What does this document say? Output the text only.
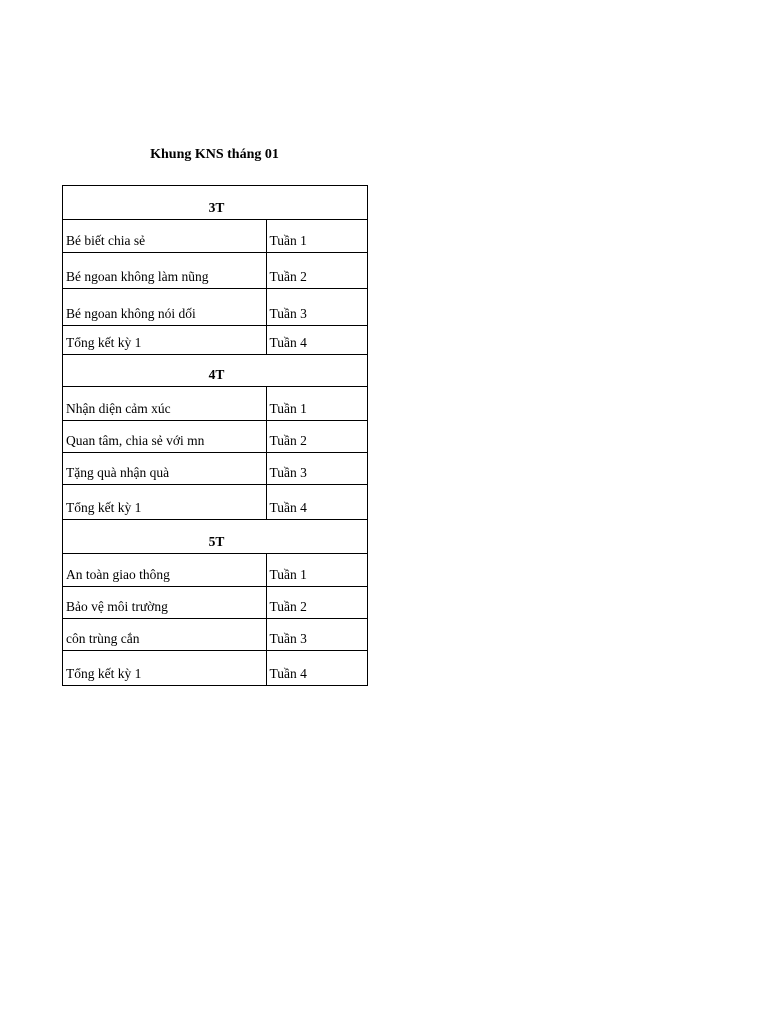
Khung KNS tháng 01
3T	
Bé biết chia sẻ	Tuần 1
Bé ngoan không làm nũng	Tuần 2
Bé ngoan không nói dối	Tuần 3
Tổng kết kỳ 1	Tuần 4
4T	
Nhận diện cảm xúc	Tuần 1
Quan tâm, chia sẻ với mn	Tuần 2
Tặng quà nhận quà	Tuần 3
Tổng kết kỳ 1	Tuần 4
5T	
An toàn giao thông	Tuần 1
Bảo vệ môi trường	Tuần 2
côn trùng cắn	Tuần 3
Tổng kết kỳ 1	Tuần 4
